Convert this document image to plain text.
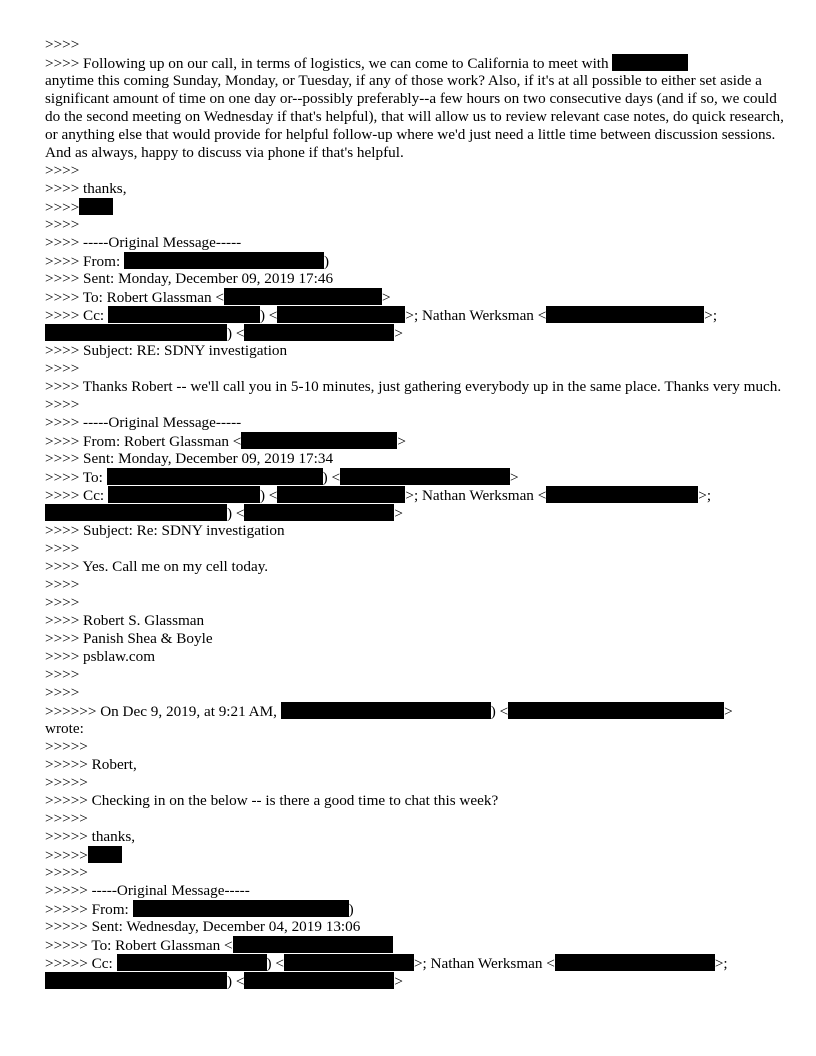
>>>>
>>>> Following up on our call, in terms of logistics, we can come to California to meet with
anytime this coming Sunday, Monday, or Tuesday, if any of those work? Also, if it's at all possible to either set aside a significant amount of time on one day or--possibly preferably--a few hours on two consecutive days (and if so, we could do the second meeting on Wednesday if that's helpful), that will allow us to review relevant case notes, do quick research, or anything else that would provide for helpful follow-up where we'd just need a little time between discussion sessions. And as always, happy to discuss via phone if that's helpful.
>>>>
>>>> thanks,
>>>>
>>>>
>>>> -----Original Message-----
>>>> From:	)
>>>> Sent: Monday, December 09, 2019 17:46
>>>> To: Robert Glassman <	>
>>>> Cc:	) <	>; Nathan Werksman <	>;
) <	>
>>>> Subject: RE: SDNY investigation
>>>>
>>>> Thanks Robert -- we'll call you in 5-10 minutes, just gathering everybody up in the same place. Thanks very much.
>>>>
>>>> -----Original Message-----
>>>> From: Robert Glassman <	>
>>>> Sent: Monday, December 09, 2019 17:34
>>>> To:	) <	>
>>>> Cc:	) <	>; Nathan Werksman <	>;
) <	>
>>>> Subject: Re: SDNY investigation
>>>>
>>>> Yes. Call me on my cell today.
>>>>
>>>>
>>>> Robert S. Glassman
>>>> Panish Shea & Boyle
>>>> psblaw.com
>>>>
>>>>
>>>>>> On Dec 9, 2019, at 9:21 AM,	) <	>
wrote:
>>>>>
>>>>> Robert,
>>>>>
>>>>> Checking in on the below -- is there a good time to chat this week?
>>>>>
>>>>> thanks,
>>>>>
>>>>>
>>>>> -----Original Message-----
>>>>> From:	)
>>>>> Sent: Wednesday, December 04, 2019 13:06
>>>>> To: Robert Glassman <
>>>>> Cc:	) <	>; Nathan Werksman <	>;
) <	>
